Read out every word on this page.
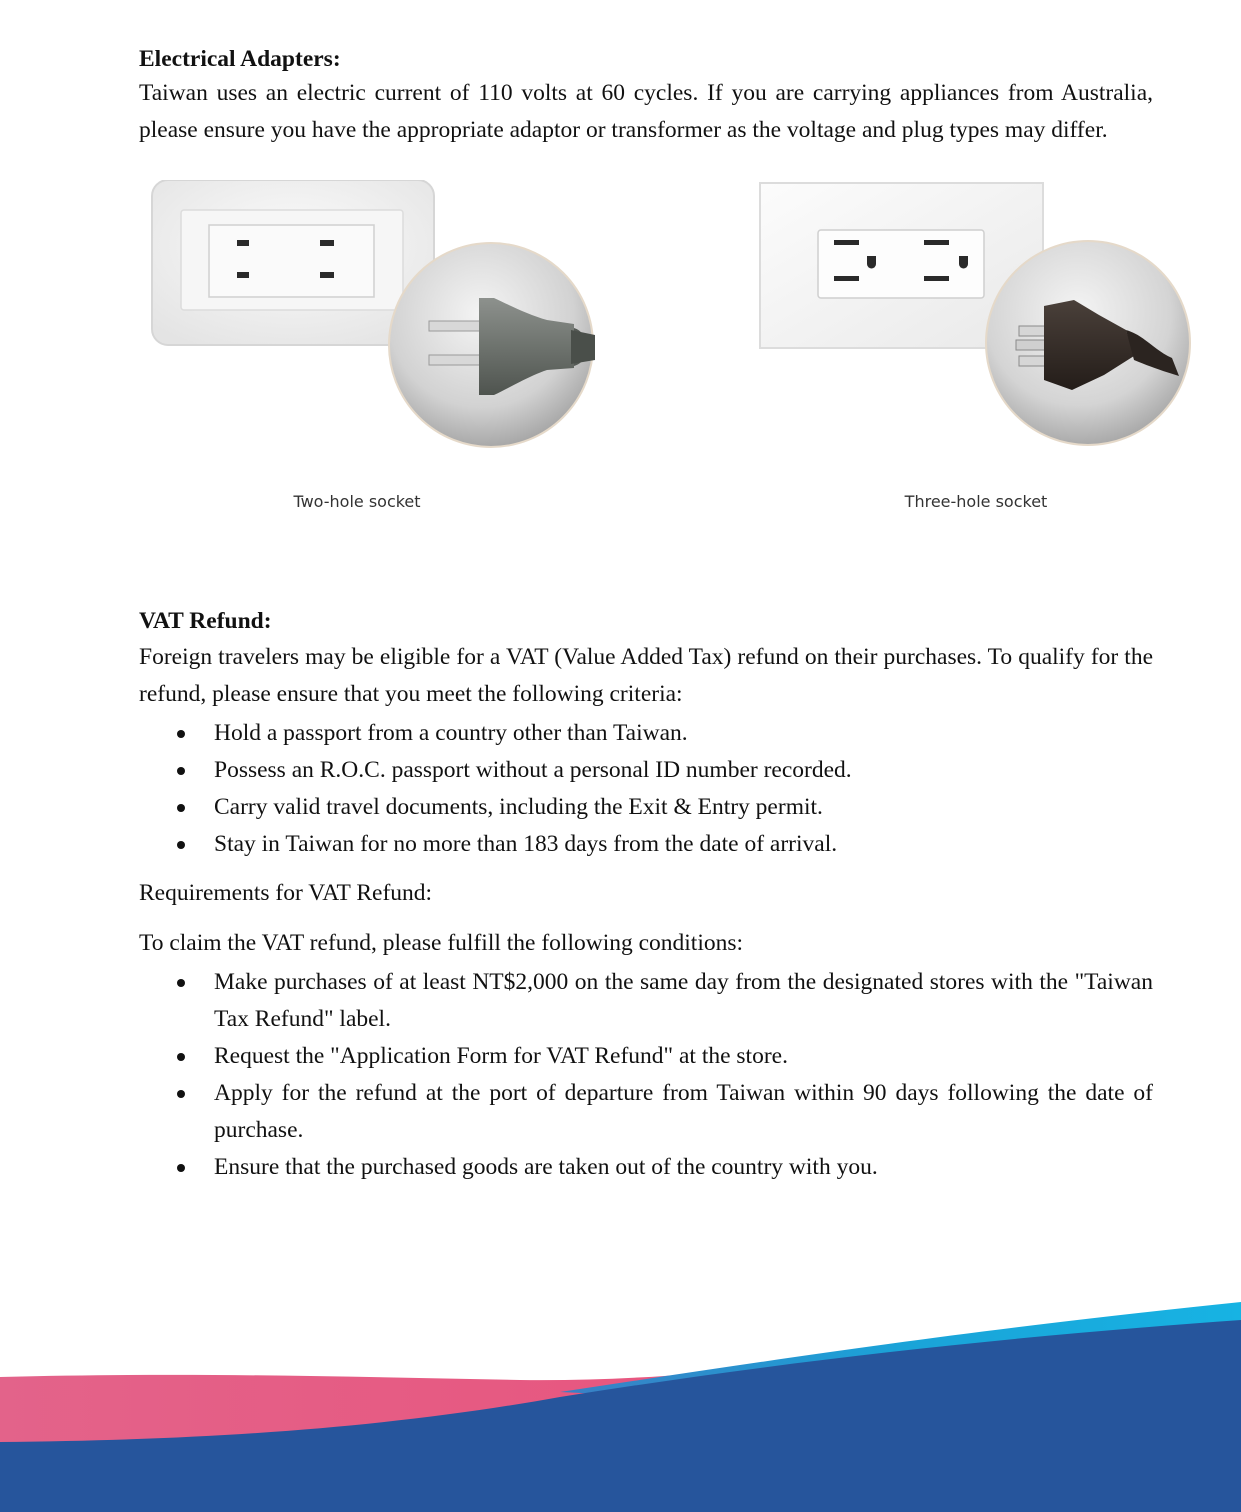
Electrical Adapters:

Taiwan uses an electric current of 110 volts at 60 cycles. If you are carrying appliances from Australia, please ensure you have the appropriate adaptor or transformer as the voltage and plug types may differ.

Two-hole socket	Three-hole socket
VAT Refund:

Foreign travelers may be eligible for a VAT (Value Added Tax) refund on their purchases. To qualify for the refund, please ensure that you meet the following criteria:

Hold a passport from a country other than Taiwan.
Possess an R.O.C. passport without a personal ID number recorded.
Carry valid travel documents, including the Exit & Entry permit.
Stay in Taiwan for no more than 183 days from the date of arrival.

Requirements for VAT Refund:

To claim the VAT refund, please fulfill the following conditions:

Make purchases of at least NT$2,000 on the same day from the designated stores with the "Taiwan Tax Refund" label.
Request the "Application Form for VAT Refund" at the store.
Apply for the refund at the port of departure from Taiwan within 90 days following the date of purchase.
Ensure that the purchased goods are taken out of the country with you.
